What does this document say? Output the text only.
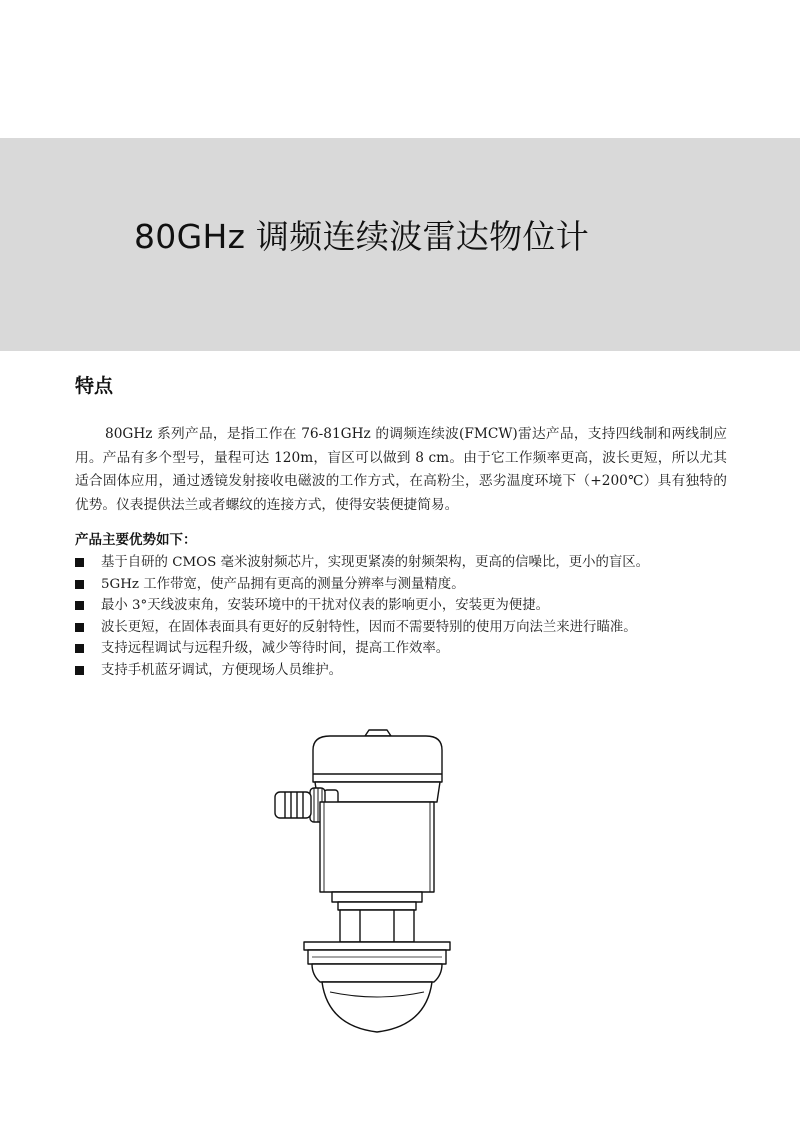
80GHz 调频连续波雷达物位计
特点

80GHz 系列产品，是指工作在 76-81GHz 的调频连续波(FMCW)雷达产品，支持四线制和两线制应用。产品有多个型号，量程可达 120m，盲区可以做到 8 cm。由于它工作频率更高，波长更短，所以尤其适合固体应用，通过透镜发射接收电磁波的工作方式，在高粉尘，恶劣温度环境下（+200℃）具有独特的优势。仪表提供法兰或者螺纹的连接方式，使得安装便捷简易。

产品主要优势如下：
基于自研的 CMOS 毫米波射频芯片，实现更紧凑的射频架构，更高的信噪比，更小的盲区。
5GHz 工作带宽，使产品拥有更高的测量分辨率与测量精度。
最小 3°天线波束角，安装环境中的干扰对仪表的影响更小，安装更为便捷。
波长更短，在固体表面具有更好的反射特性，因而不需要特别的使用万向法兰来进行瞄准。
支持远程调试与远程升级，减少等待时间，提高工作效率。
支持手机蓝牙调试，方便现场人员维护。
